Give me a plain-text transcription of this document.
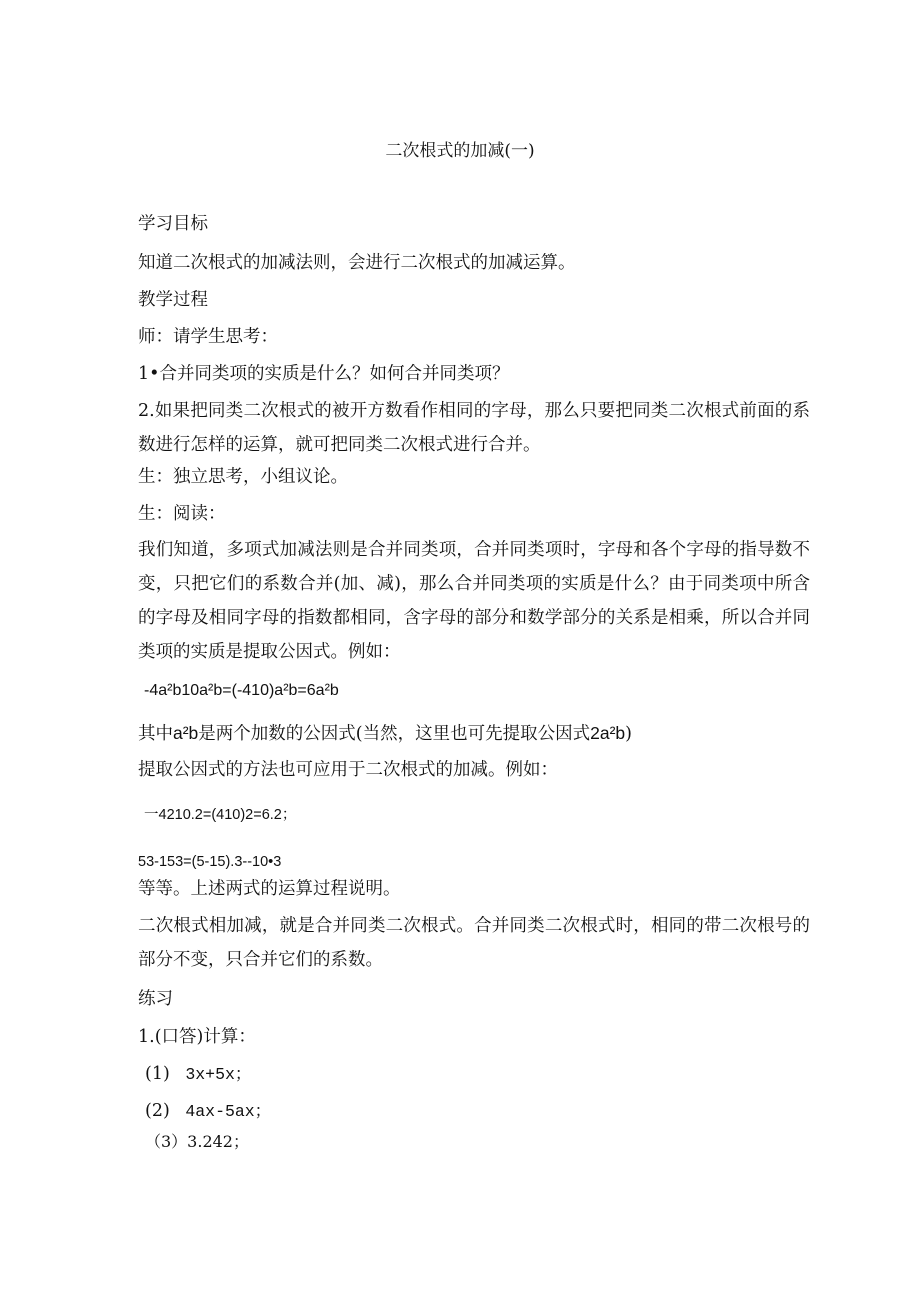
二次根式的加减(一)
学习目标
知道二次根式的加减法则，会进行二次根式的加减运算。
教学过程
师：请学生思考：
1•合并同类项的实质是什么？如何合并同类项？
2.如果把同类二次根式的被开方数看作相同的字母，那么只要把同类二次根式前面的系数进行怎样的运算，就可把同类二次根式进行合并。
生：独立思考，小组议论。
生：阅读：
我们知道，多项式加减法则是合并同类项，合并同类项时，字母和各个字母的指导数不变，只把它们的系数合并(加、减)，那么合并同类项的实质是什么？由于同类项中所含的字母及相同字母的指数都相同，含字母的部分和数学部分的关系是相乘，所以合并同类项的实质是提取公因式。例如：
-4a²b10a²b=(-410)a²b=6a²b
其中a²b是两个加数的公因式(当然，这里也可先提取公因式2a²b)
提取公因式的方法也可应用于二次根式的加减。例如：
一4210.2=(410)2=6.2；
53-153=(5-15).3--10•3
等等。上述两式的运算过程说明。
二次根式相加减，就是合并同类二次根式。合并同类二次根式时，相同的带二次根号的部分不变，只合并它们的系数。
练习
1.(口答)计算：
(1) 3x+5x；
(2) 4ax-5ax；
（3）3.242；
